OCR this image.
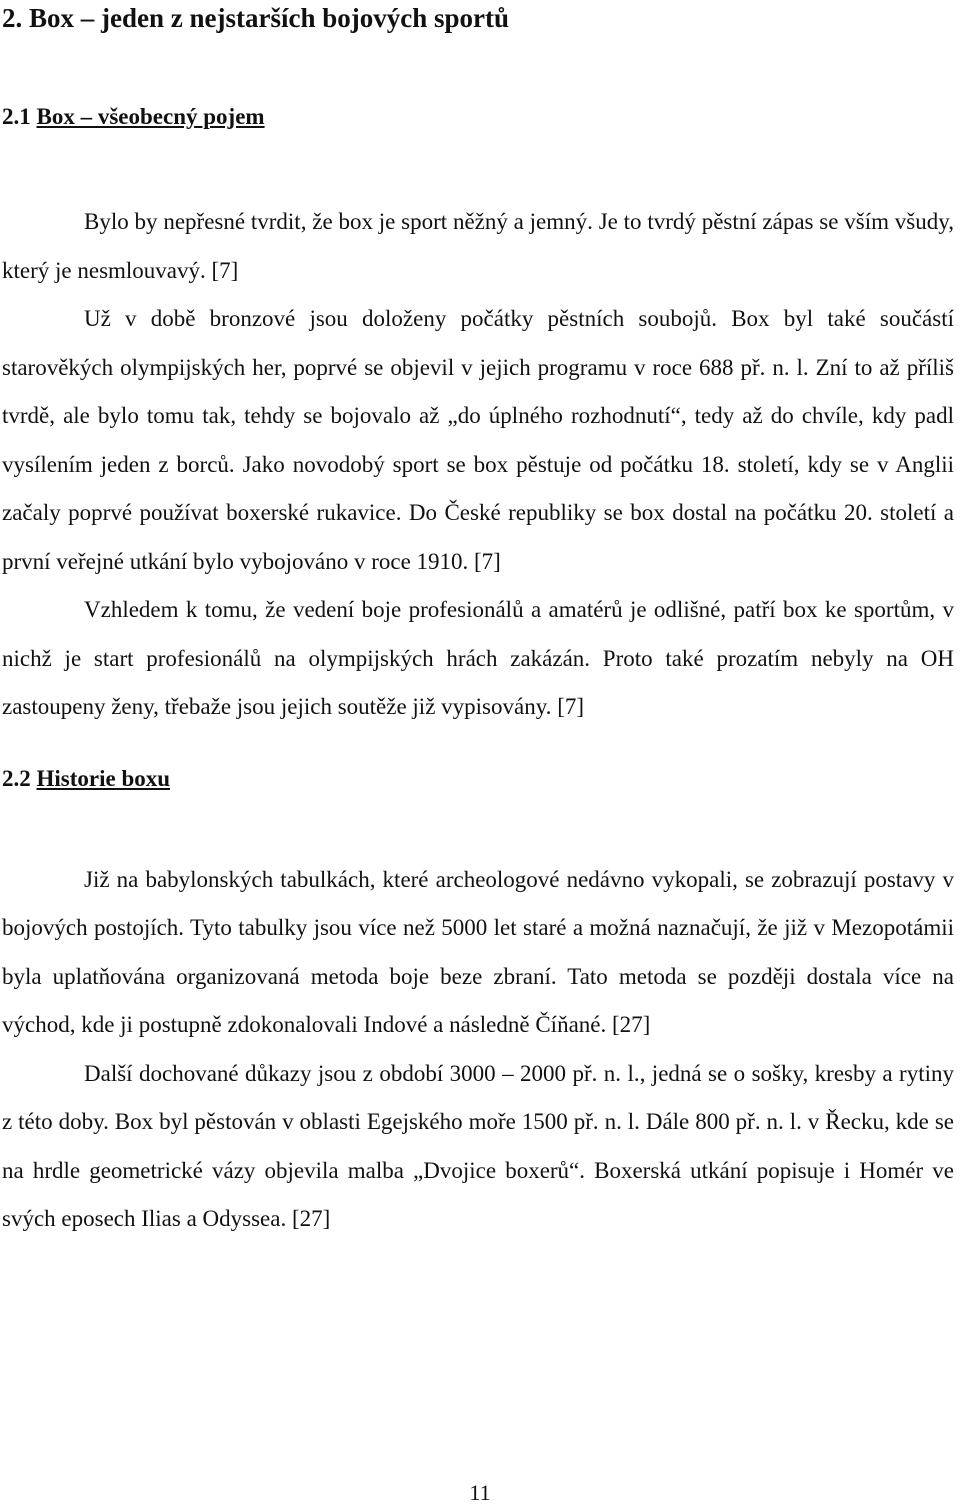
2. Box – jeden z nejstarších bojových sportů
2.1 Box – všeobecný pojem

Bylo by nepřesné tvrdit, že box je sport něžný a jemný. Je to tvrdý pěstní zápas se vším všudy, který je nesmlouvavý. [7]

Už v době bronzové jsou doloženy počátky pěstních soubojů. Box byl také součástí starověkých olympijských her, poprvé se objevil v jejich programu v roce 688 př. n. l. Zní to až příliš tvrdě, ale bylo tomu tak, tehdy se bojovalo až „do úplného rozhodnutí“, tedy až do chvíle, kdy padl vysílením jeden z borců. Jako novodobý sport se box pěstuje od počátku 18. století, kdy se v Anglii začaly poprvé používat boxerské rukavice. Do České republiky se box dostal na počátku 20. století a první veřejné utkání bylo vybojováno v roce 1910. [7]

Vzhledem k tomu, že vedení boje profesionálů a amatérů je odlišné, patří box ke sportům, v nichž je start profesionálů na olympijských hrách zakázán. Proto také prozatím nebyly na OH zastoupeny ženy, třebaže jsou jejich soutěže již vypisovány. [7]

2.2 Historie boxu

Již na babylonských tabulkách, které archeologové nedávno vykopali, se zobrazují postavy v bojových postojích. Tyto tabulky jsou více než 5000 let staré a možná naznačují, že již v Mezopotámii byla uplatňována organizovaná metoda boje beze zbraní. Tato metoda se později dostala více na východ, kde ji postupně zdokonalovali Indové a následně Číňané. [27]

Další dochované důkazy jsou z období 3000 – 2000 př. n. l., jedná se o sošky, kresby a rytiny z této doby. Box byl pěstován v oblasti Egejského moře 1500 př. n. l. Dále 800 př. n. l. v Řecku, kde se na hrdle geometrické vázy objevila malba „Dvojice boxerů“. Boxerská utkání popisuje i Homér ve svých eposech Ilias a Odyssea. [27]

11
